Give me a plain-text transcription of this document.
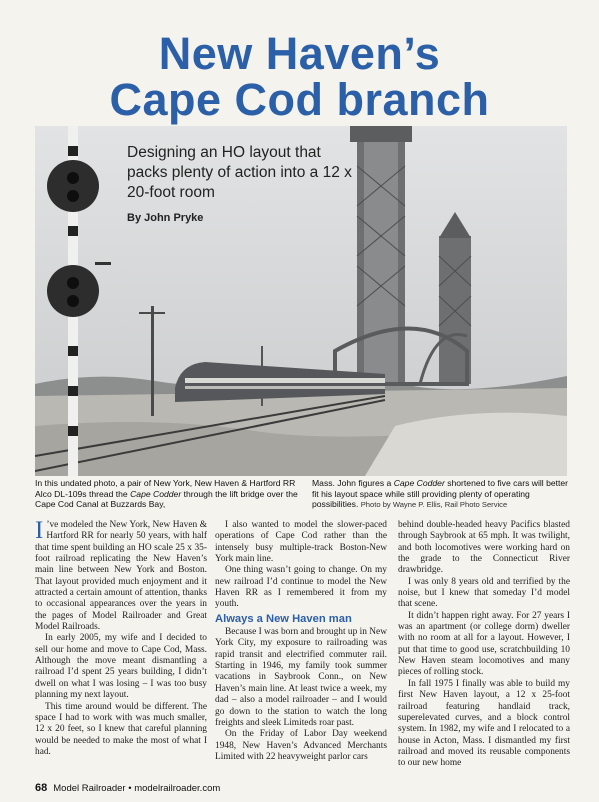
New Haven’s
Cape Cod branch
Designing an HO layout that packs plenty of action into a 12 x 20-foot room
By John Pryke
In this undated photo, a pair of New York, New Haven & Hartford RR Alco DL-109s thread the Cape Codder through the lift bridge over the Cape Cod Canal at Buzzards Bay,
Mass. John figures a Cape Codder shortened to five cars will better fit his layout space while still providing plenty of operating possibilities. Photo by Wayne P. Ellis, Rail Photo Service

I ’ve modeled the New York, New Haven & Hartford RR for nearly 50 years, with half that time spent building an HO scale 25 x 35-foot railroad replicating the New Haven’s main line between New York and Boston. That layout provided much enjoyment and it attracted a certain amount of attention, thanks to occasional appearances over the years in the pages of Model Railroader and Great Model Railroads.

In early 2005, my wife and I decided to sell our home and move to Cape Cod, Mass. Although the move meant dismantling a railroad I’d spent 25 years building, I didn’t dwell on what I was losing – I was too busy planning my next layout.

This time around would be different. The space I had to work with was much smaller, 12 x 20 feet, so I knew that careful planning would be needed to make the most of what I had.

I also wanted to model the slower-paced operations of Cape Cod rather than the intensely busy multiple-track Boston-New York main line.

One thing wasn’t going to change. On my new railroad I’d continue to model the New Haven RR as I remembered it from my youth.

Always a New Haven man

Because I was born and brought up in New York City, my exposure to railroading was rapid transit and electrified commuter rail. Starting in 1946, my family took summer vacations in Saybrook Conn., on New Haven’s main line. At least twice a week, my dad – also a model railroader – and I would go down to the station to watch the long freights and sleek Limiteds roar past.

On the Friday of Labor Day weekend 1948, New Haven’s Advanced Merchants Limited with 22 heavyweight parlor cars

behind double-headed heavy Pacifics blasted through Saybrook at 65 mph. It was twilight, and both locomotives were working hard on the grade to the Connecticut River drawbridge.

I was only 8 years old and terrified by the noise, but I knew that someday I’d model that scene.

It didn’t happen right away. For 27 years I was an apartment (or college dorm) dweller with no room at all for a layout. However, I put that time to good use, scratchbuilding 10 New Haven steam locomotives and many pieces of rolling stock.

In fall 1975 I finally was able to build my first New Haven layout, a 12 x 25-foot railroad featuring handlaid track, superelevated curves, and a block control system. In 1982, my wife and I relocated to a house in Acton, Mass. I dismantled my first railroad and moved its reusable components to our new home

68 Model Railroader • modelrailroader.com
